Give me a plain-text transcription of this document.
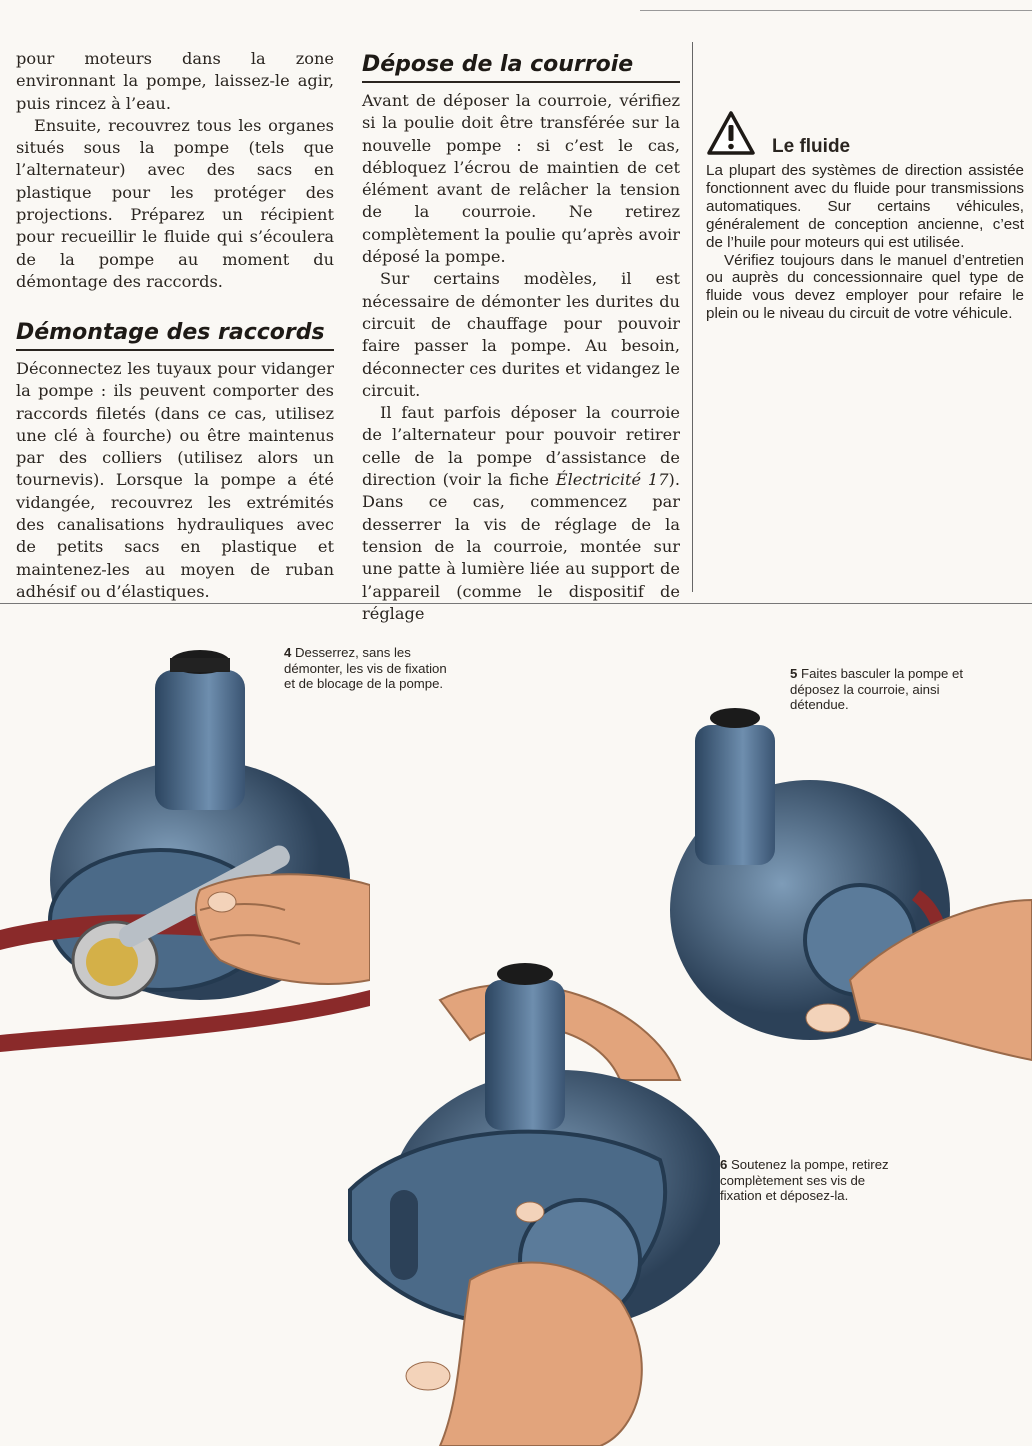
pour moteurs dans la zone environnant la pompe, laissez-le agir, puis rincez à l’eau.

Ensuite, recouvrez tous les organes situés sous la pompe (tels que l’alternateur) avec des sacs en plastique pour les protéger des projections. Préparez un récipient pour recueillir le fluide qui s’écoulera de la pompe au moment du démontage des raccords.

Démontage des raccords

Déconnectez les tuyaux pour vidanger la pompe : ils peuvent comporter des raccords filetés (dans ce cas, utilisez une clé à fourche) ou être maintenus par des colliers (utilisez alors un tournevis). Lorsque la pompe a été vidangée, recouvrez les extrémités des canalisations hydrauliques avec de petits sacs en plastique et maintenez-les au moyen de ruban adhésif ou d’élastiques.

Dépose de la courroie

Avant de déposer la courroie, vérifiez si la poulie doit être transférée sur la nouvelle pompe : si c’est le cas, débloquez l’écrou de maintien de cet élément avant de relâcher la tension de la courroie. Ne retirez complètement la poulie qu’après avoir déposé la pompe.

Sur certains modèles, il est nécessaire de démonter les durites du circuit de chauffage pour pouvoir faire passer la pompe. Au besoin, déconnecter ces durites et vidangez le circuit.

Il faut parfois déposer la courroie de l’alternateur pour pouvoir retirer celle de la pompe d’assistance de direction (voir la fiche Électricité 17). Dans ce cas, commencez par desserrer la vis de réglage de la tension de la courroie, montée sur une patte à lumière liée au support de l’appareil (comme le dispositif de réglage

Le fluide

La plupart des systèmes de direction assistée fonctionnent avec du fluide pour transmissions automatiques. Sur certains véhicules, généralement de conception ancienne, c’est de l’huile pour moteurs qui est utilisée.

Vérifiez toujours dans le manuel d’entretien ou auprès du concessionnaire quel type de fluide vous devez employer pour refaire le plein ou le niveau du circuit de votre véhicule.

4 Desserrez, sans les démonter, les vis de fixation et de blocage de la pompe.
5 Faites basculer la pompe et déposez la courroie, ainsi détendue.
6 Soutenez la pompe, retirez complètement ses vis de fixation et déposez-la.
